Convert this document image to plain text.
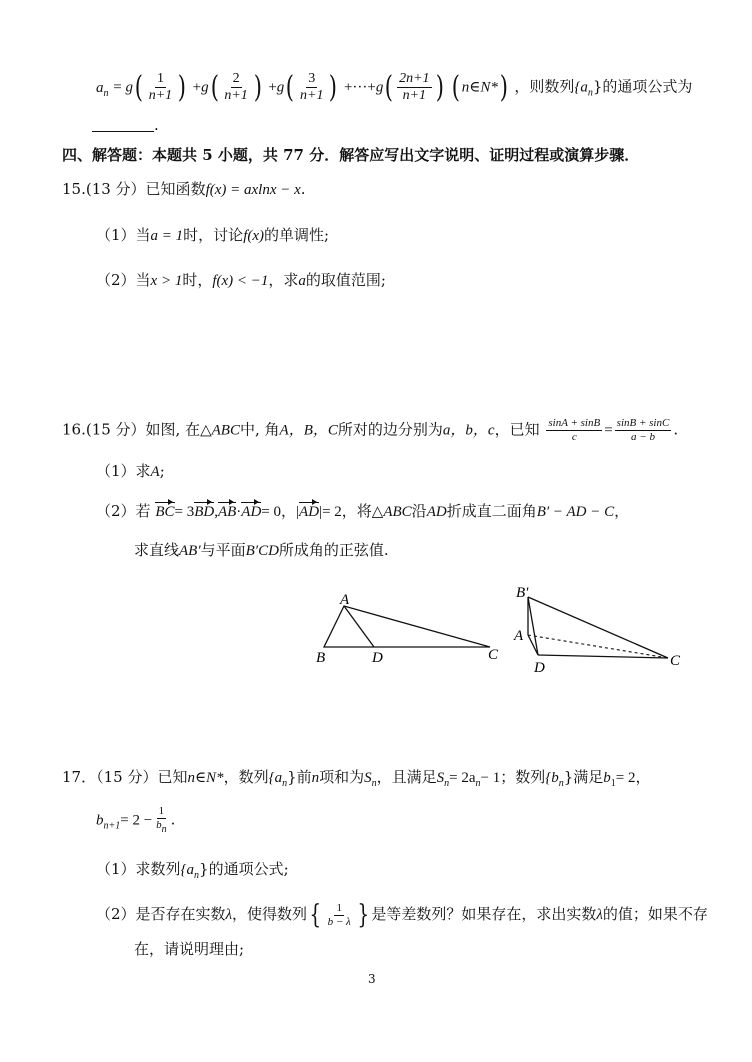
$a_n = g( \frac{1}{n+1}$ ) $+g( \frac{2}{n+1}$ ) $+g( \frac{3}{n+1}$ ) $+\cdot\cdot\cdot+g( \frac{2n+1}{n+1}$ ) ( n∈N*) ，则数列$\{a_n\}$的通项公式为
.
四、解答题：本题共 5 小题，共 77 分．解答应写出文字说明、证明过程或演算步骤．
15.(13 分）已知函数f(x) = axlnx − x.
（1）当a = 1时，讨论f(x)的单调性;
（2）当x > 1时，f(x) < −1，求a的取值范围;
16.(15 分）如图, 在△ABC中, 角A，B，C所对的边分别为a，b，c，已知 $\frac{\sin A + \sin B}{c} = \frac{\sin B + \sin C}{a - b}$ .
（1）求A;
（2）若 BC= 3BD,AB·AD= 0，|AD|= 2，将△ABC沿AD折成直二面角B′ − AD − C，
求直线AB′与平面B′CD所成角的正弦值.
A
B	D	C
B′
A
D	C
17．（15 分）已知n∈N*，数列$\{a_n\}$前n项和为$S_n$，且满足$S_n= 2a_n- 1$；数列$\{b_n\}$满足$b_1= 2$，
$b_{n+1}= 2 - \frac{1}{bn}$ .
（1）求数列$\{a_n\}$的通项公式;
（2）是否存在实数λ，使得数列{ $\frac{1}{b - \lambda}$ } 是等差数列？如果存在，求出实数λ的值；如果不存
在，请说明理由;
3
